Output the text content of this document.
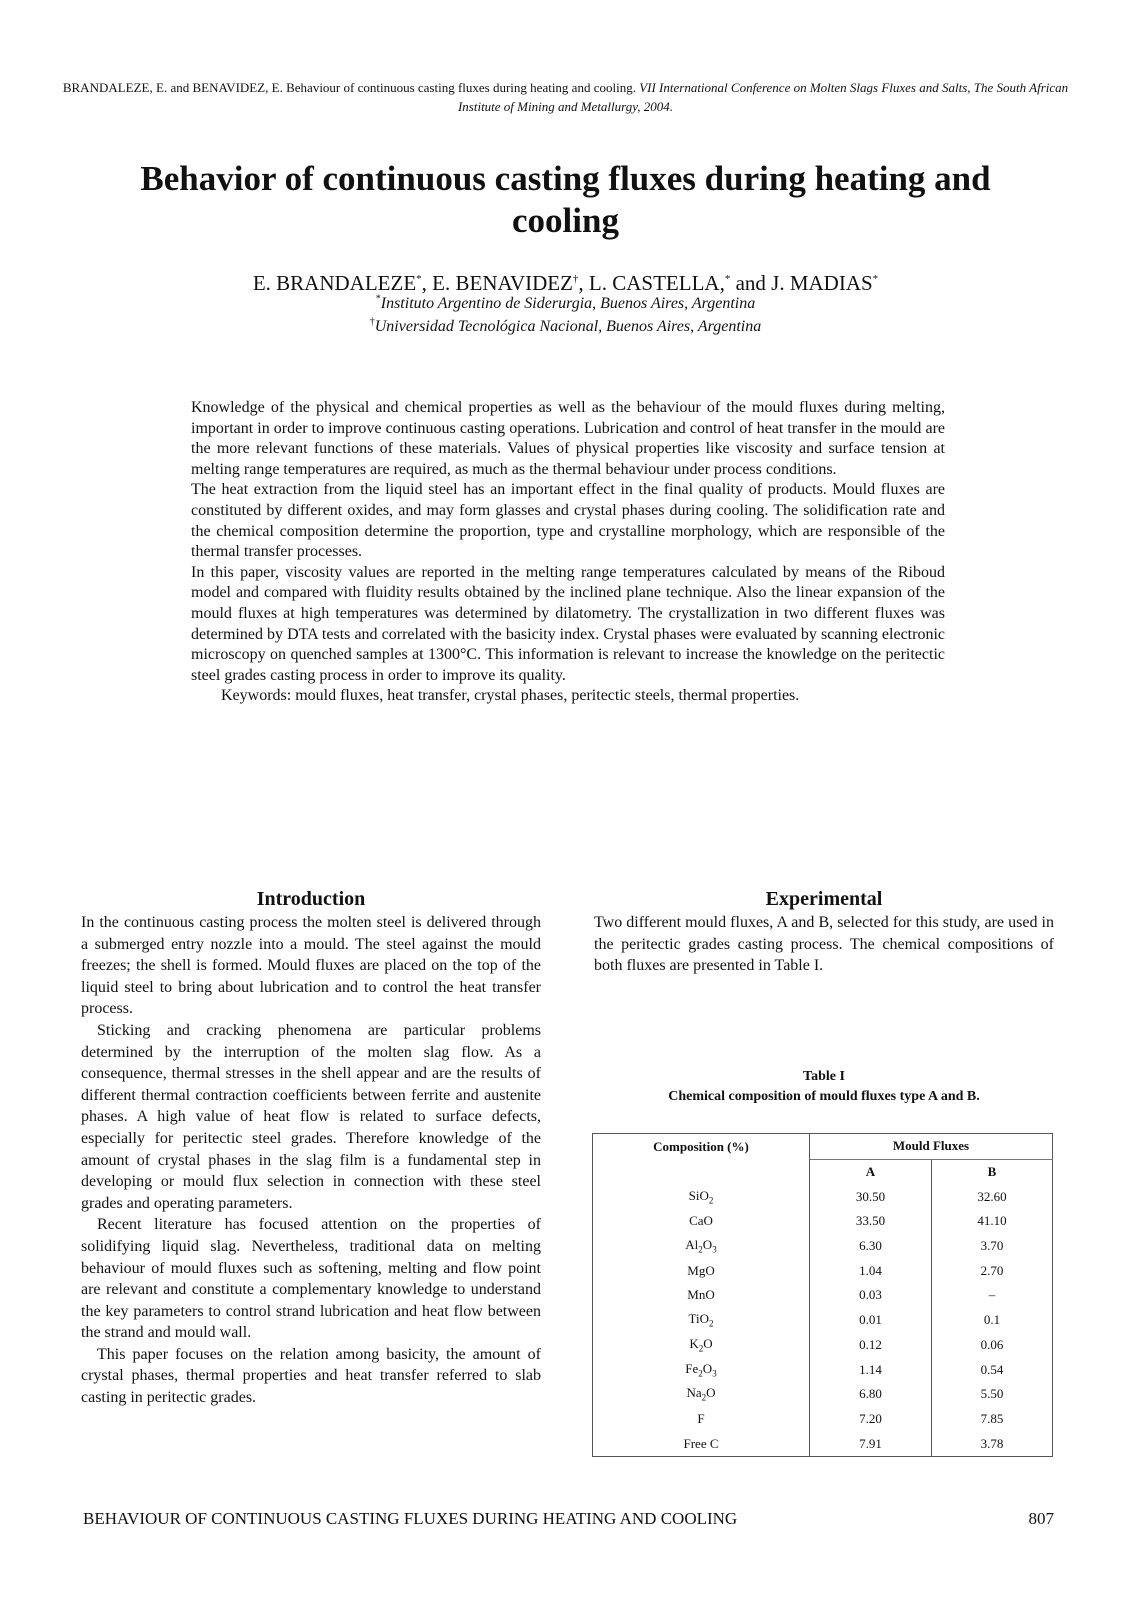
BRANDALEZE, E. and BENAVIDEZ, E. Behaviour of continuous casting fluxes during heating and cooling. VII International Conference on Molten Slags Fluxes and Salts, The South African Institute of Mining and Metallurgy, 2004.
Behavior of continuous casting fluxes during heating and cooling
E. BRANDALEZE*, E. BENAVIDEZ†, L. CASTELLA,* and J. MADIAS*
*Instituto Argentino de Siderurgia, Buenos Aires, Argentina
†Universidad Tecnológica Nacional, Buenos Aires, Argentina

Knowledge of the physical and chemical properties as well as the behaviour of the mould fluxes during melting, important in order to improve continuous casting operations. Lubrication and control of heat transfer in the mould are the more relevant functions of these materials. Values of physical properties like viscosity and surface tension at melting range temperatures are required, as much as the thermal behaviour under process conditions.

The heat extraction from the liquid steel has an important effect in the final quality of products. Mould fluxes are constituted by different oxides, and may form glasses and crystal phases during cooling. The solidification rate and the chemical composition determine the proportion, type and crystalline morphology, which are responsible of the thermal transfer processes.

In this paper, viscosity values are reported in the melting range temperatures calculated by means of the Riboud model and compared with fluidity results obtained by the inclined plane technique. Also the linear expansion of the mould fluxes at high temperatures was determined by dilatometry. The crystallization in two different fluxes was determined by DTA tests and correlated with the basicity index. Crystal phases were evaluated by scanning electronic microscopy on quenched samples at 1300°C. This information is relevant to increase the knowledge on the peritectic steel grades casting process in order to improve its quality.

Keywords: mould fluxes, heat transfer, crystal phases, peritectic steels, thermal properties.

Introduction

In the continuous casting process the molten steel is delivered through a submerged entry nozzle into a mould. The steel against the mould freezes; the shell is formed. Mould fluxes are placed on the top of the liquid steel to bring about lubrication and to control the heat transfer process.

Sticking and cracking phenomena are particular problems determined by the interruption of the molten slag flow. As a consequence, thermal stresses in the shell appear and are the results of different thermal contraction coefficients between ferrite and austenite phases. A high value of heat flow is related to surface defects, especially for peritectic steel grades. Therefore knowledge of the amount of crystal phases in the slag film is a fundamental step in developing or mould flux selection in connection with these steel grades and operating parameters.

Recent literature has focused attention on the properties of solidifying liquid slag. Nevertheless, traditional data on melting behaviour of mould fluxes such as softening, melting and flow point are relevant and constitute a complementary knowledge to understand the key parameters to control strand lubrication and heat flow between the strand and mould wall.

This paper focuses on the relation among basicity, the amount of crystal phases, thermal properties and heat transfer referred to slab casting in peritectic grades.

Experimental

Two different mould fluxes, A and B, selected for this study, are used in the peritectic grades casting process. The chemical compositions of both fluxes are presented in Table I.

Table I
Chemical composition of mould fluxes type A and B.
Composition (%)	Mould Fluxes	
	A	B
SiO$_2$	30.50	32.60
CaO	33.50	41.10
$Al_2O_3$	6.30	3.70
MgO	1.04	2.70
MnO	0.03	–
TiO$_2$	0.01	0.1
$K_2O$	0.12	0.06
$Fe_2O_3$	1.14	0.54
$Na_2O$	6.80	5.50
F	7.20	7.85
Free C	7.91	3.78
BEHAVIOUR OF CONTINUOUS CASTING FLUXES DURING HEATING AND COOLING	807
